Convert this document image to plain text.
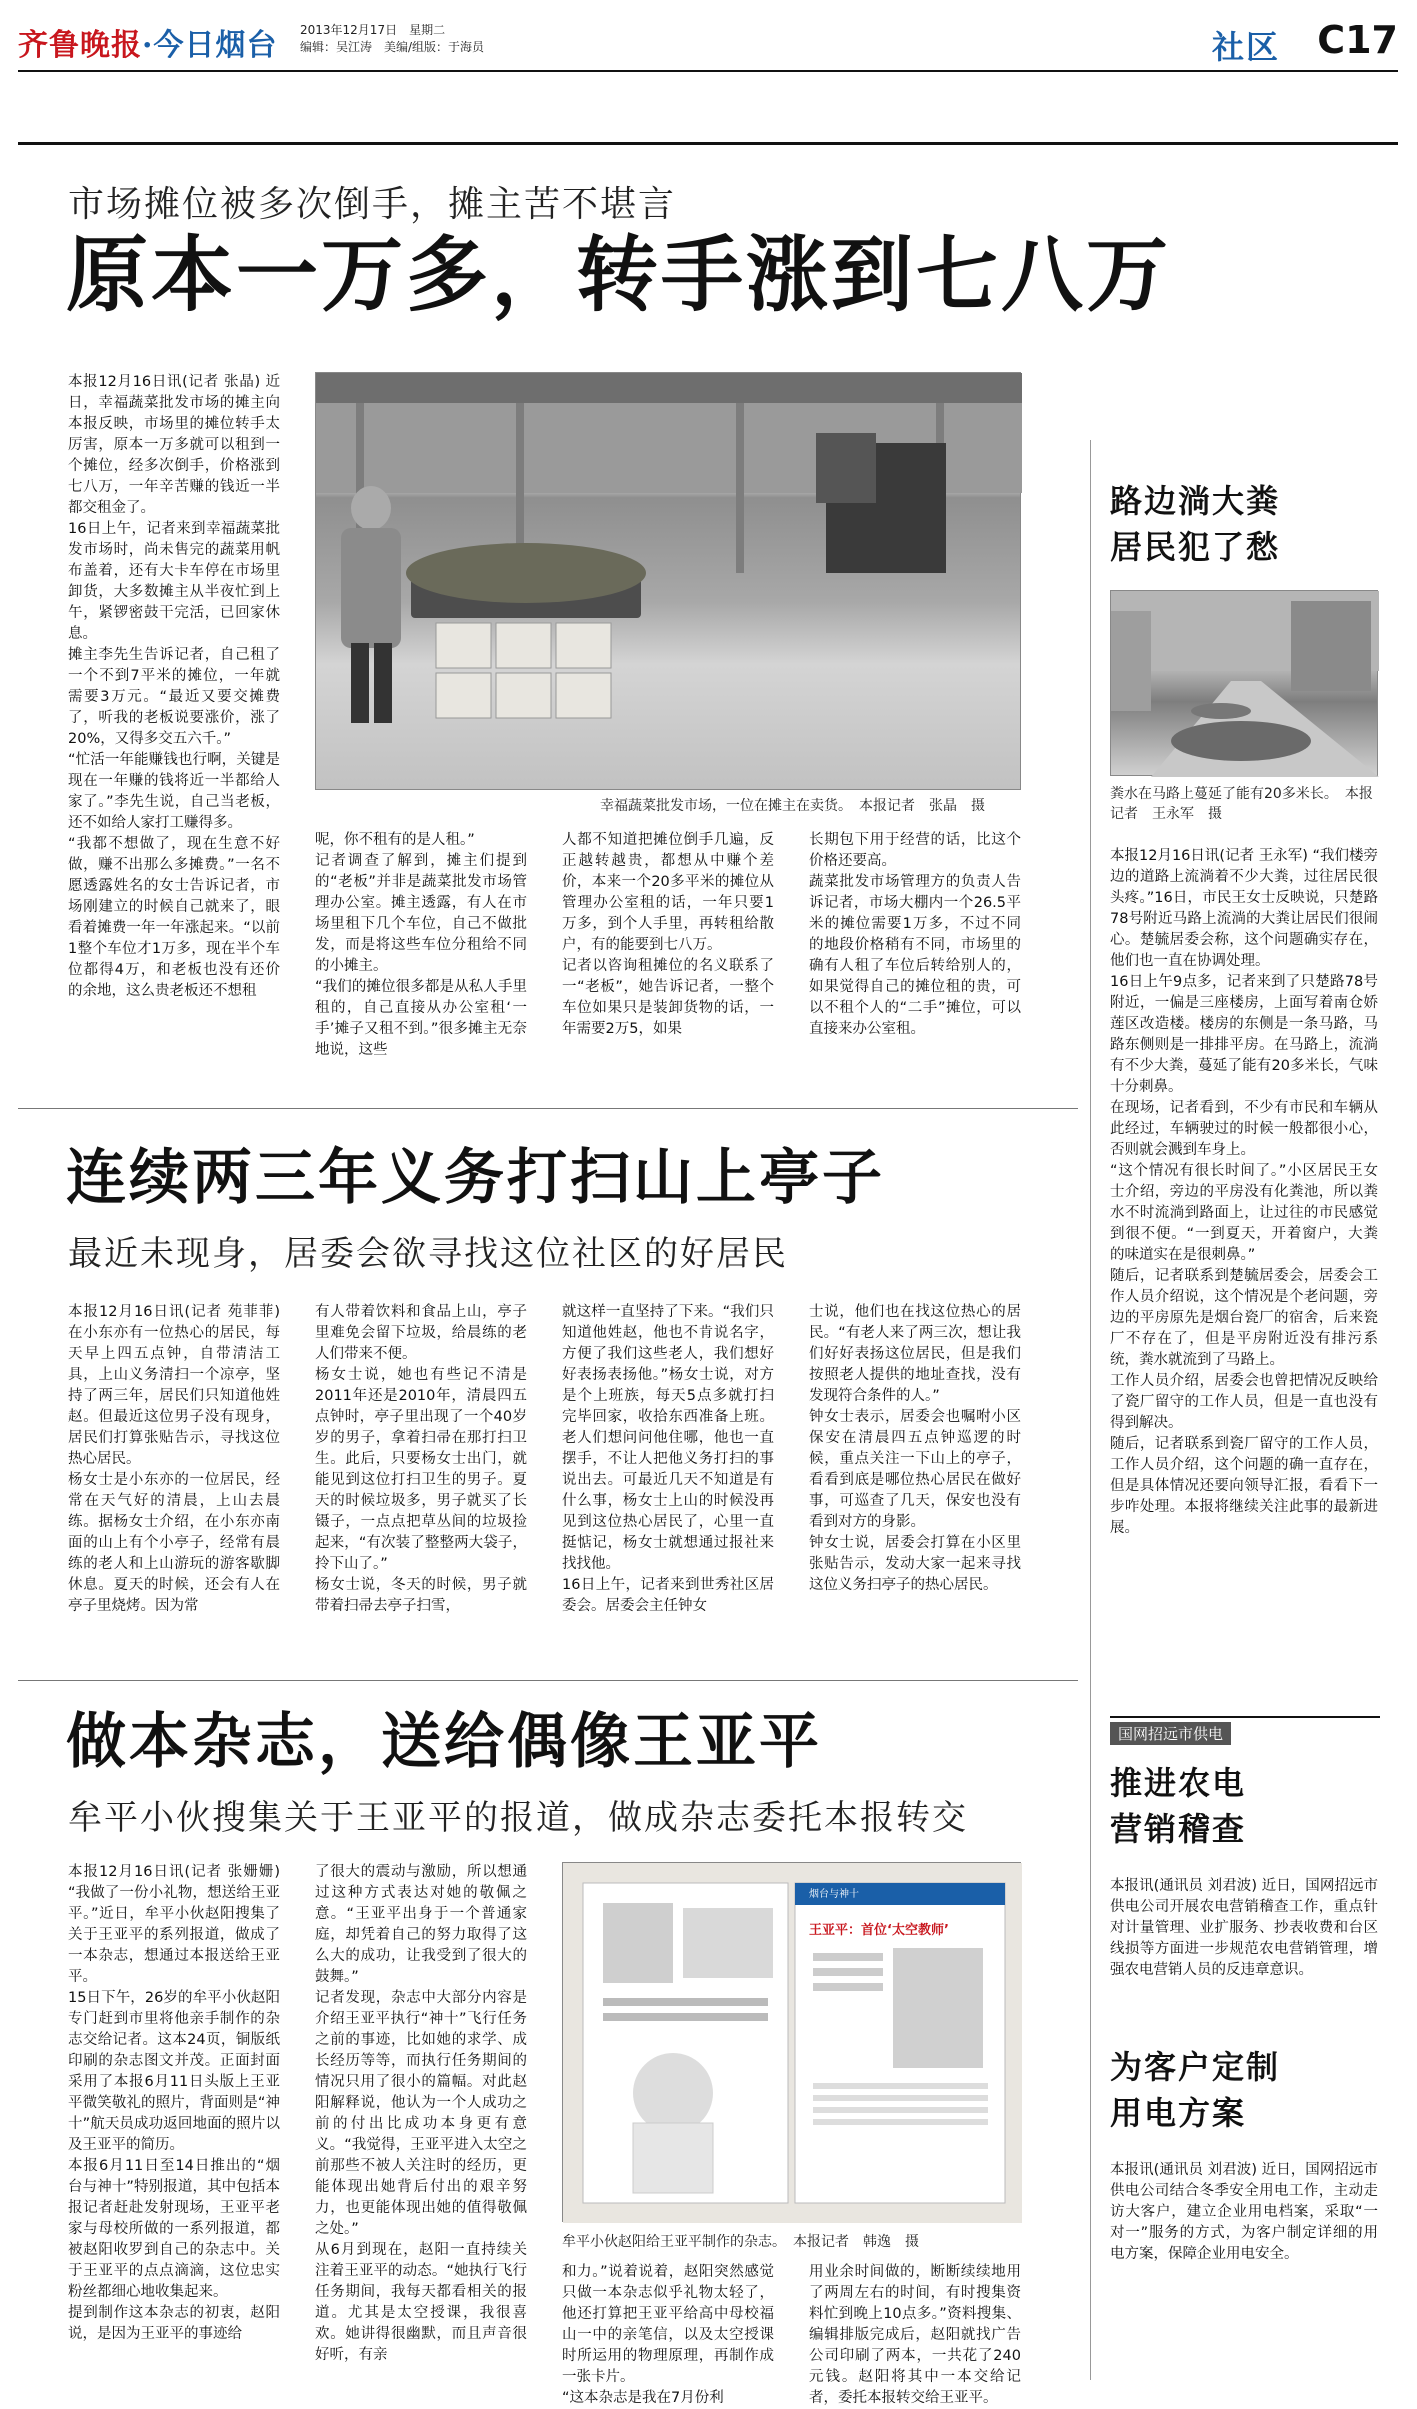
齐鲁晚报·今日烟台 2013年12月17日　星期二
编辑：吴江涛　美编/组版：于海员	社区 C17
市场摊位被多次倒手，摊主苦不堪言
原本一万多，转手涨到七八万

本报12月16日讯(记者 张晶) 近日，幸福蔬菜批发市场的摊主向本报反映，市场里的摊位转手太厉害，原本一万多就可以租到一个摊位，经多次倒手，价格涨到七八万，一年辛苦赚的钱近一半都交租金了。
16日上午，记者来到幸福蔬菜批发市场时，尚未售完的蔬菜用帆布盖着，还有大卡车停在市场里卸货，大多数摊主从半夜忙到上午，紧锣密鼓干完活，已回家休息。
摊主李先生告诉记者，自己租了一个不到7平米的摊位，一年就需要3万元。“最近又要交摊费了，听我的老板说要涨价，涨了20%，又得多交五六千。”
“忙活一年能赚钱也行啊，关键是现在一年赚的钱将近一半都给人家了。”李先生说，自己当老板，还不如给人家打工赚得多。
“我都不想做了，现在生意不好做，赚不出那么多摊费。”一名不愿透露姓名的女士告诉记者，市场刚建立的时候自己就来了，眼看着摊费一年一年涨起来。“以前1整个车位才1万多，现在半个车位都得4万，和老板也没有还价的余地，这么贵老板还不想租

幸福蔬菜批发市场，一位在摊主在卖货。　本报记者　张晶　摄

呢，你不租有的是人租。”
记者调查了解到，摊主们提到的“老板”并非是蔬菜批发市场管理办公室。摊主透露，有人在市场里租下几个车位，自己不做批发，而是将这些车位分租给不同的小摊主。
“我们的摊位很多都是从私人手里租的，自己直接从办公室租‘一手’摊子又租不到。”很多摊主无奈地说，这些

人都不知道把摊位倒手几遍，反正越转越贵，都想从中赚个差价，本来一个20多平米的摊位从管理办公室租的话，一年只要1万多，到个人手里，再转租给散户，有的能要到七八万。
记者以咨询租摊位的名义联系了一“老板”，她告诉记者，一整个车位如果只是装卸货物的话，一年需要2万5，如果

长期包下用于经营的话，比这个价格还要高。
蔬菜批发市场管理方的负责人告诉记者，市场大棚内一个26.5平米的摊位需要1万多，不过不同的地段价格稍有不同，市场里的确有人租了车位后转给别人的，如果觉得自己的摊位租的贵，可以不租个人的“二手”摊位，可以直接来办公室租。

连续两三年义务打扫山上亭子
最近未现身，居委会欲寻找这位社区的好居民

本报12月16日讯(记者 苑菲菲) 在小东亦有一位热心的居民，每天早上四五点钟，自带清洁工具，上山义务清扫一个凉亭，坚持了两三年，居民们只知道他姓赵。但最近这位男子没有现身，居民们打算张贴告示，寻找这位热心居民。
杨女士是小东亦的一位居民，经常在天气好的清晨，上山去晨练。据杨女士介绍，在小东亦南面的山上有个小亭子，经常有晨练的老人和上山游玩的游客歇脚休息。夏天的时候，还会有人在亭子里烧烤。因为常

有人带着饮料和食品上山，亭子里难免会留下垃圾，给晨练的老人们带来不便。
杨女士说，她也有些记不清是2011年还是2010年，清晨四五点钟时，亭子里出现了一个40岁岁的男子，拿着扫帚在那打扫卫生。此后，只要杨女士出门，就能见到这位打扫卫生的男子。夏天的时候垃圾多，男子就买了长镊子，一点点把草丛间的垃圾捡起来，“有次装了整整两大袋子，拎下山了。”
杨女士说，冬天的时候，男子就带着扫帚去亭子扫雪，

就这样一直坚持了下来。“我们只知道他姓赵，他也不肯说名字，方便了我们这些老人，我们想好好表扬表扬他。”杨女士说，对方是个上班族，每天5点多就打扫完毕回家，收拾东西准备上班。老人们想问问他住哪，他也一直摆手，不让人把他义务打扫的事说出去。可最近几天不知道是有什么事，杨女士上山的时候没再见到这位热心居民了，心里一直挺惦记，杨女士就想通过报社来找找他。
16日上午，记者来到世秀社区居委会。居委会主任钟女

士说，他们也在找这位热心的居民。“有老人来了两三次，想让我们好好表扬这位居民，但是我们按照老人提供的地址查找，没有发现符合条件的人。”
钟女士表示，居委会也嘱咐小区保安在清晨四五点钟巡逻的时候，重点关注一下山上的亭子，看看到底是哪位热心居民在做好事，可巡查了几天，保安也没有看到对方的身影。
钟女士说，居委会打算在小区里张贴告示，发动大家一起来寻找这位义务扫亭子的热心居民。

做本杂志，送给偶像王亚平
牟平小伙搜集关于王亚平的报道，做成杂志委托本报转交

本报12月16日讯(记者 张姗姗) “我做了一份小礼物，想送给王亚平。”近日，牟平小伙赵阳搜集了关于王亚平的系列报道，做成了一本杂志，想通过本报送给王亚平。
15日下午，26岁的牟平小伙赵阳专门赶到市里将他亲手制作的杂志交给记者。这本24页，铜版纸印刷的杂志图文并茂。正面封面采用了本报6月11日头版上王亚平微笑敬礼的照片，背面则是“神十”航天员成功返回地面的照片以及王亚平的简历。
本报6月11日至14日推出的“烟台与神十”特别报道，其中包括本报记者赶赴发射现场，王亚平老家与母校所做的一系列报道，都被赵阳收罗到自己的杂志中。关于王亚平的点点滴滴，这位忠实粉丝都细心地收集起来。
提到制作这本杂志的初衷，赵阳说，是因为王亚平的事迹给

了很大的震动与激励，所以想通过这种方式表达对她的敬佩之意。“王亚平出身于一个普通家庭，却凭着自己的努力取得了这么大的成功，让我受到了很大的鼓舞。”
记者发现，杂志中大部分内容是介绍王亚平执行“神十”飞行任务之前的事迹，比如她的求学、成长经历等等，而执行任务期间的情况只用了很小的篇幅。对此赵阳解释说，他认为一个人成功之前的付出比成功本身更有意义。“我觉得，王亚平进入太空之前那些不被人关注时的经历，更能体现出她背后付出的艰辛努力，也更能体现出她的值得敬佩之处。”
从6月到现在，赵阳一直持续关注着王亚平的动态。“她执行飞行任务期间，我每天都看相关的报道。尤其是太空授课，我很喜欢。她讲得很幽默，而且声音很好听，有亲

烟台与神十
王亚平：首位‘太空教师’
牟平小伙赵阳给王亚平制作的杂志。　本报记者　韩逸　摄

和力。”说着说着，赵阳突然感觉只做一本杂志似乎礼物太轻了，他还打算把王亚平给高中母校福山一中的亲笔信，以及太空授课时所运用的物理原理，再制作成一张卡片。
“这本杂志是我在7月份利

用业余时间做的，断断续续地用了两周左右的时间，有时搜集资料忙到晚上10点多。”资料搜集、编辑排版完成后，赵阳就找广告公司印刷了两本，一共花了240元钱。赵阳将其中一本交给记者，委托本报转交给王亚平。

路边淌大粪
居民犯了愁
粪水在马路上蔓延了能有20多米长。　本报记者　王永军　摄

本报12月16日讯(记者 王永军) “我们楼旁边的道路上流淌着不少大粪，过往居民很头疼。”16日，市民王女士反映说，只楚路78号附近马路上流淌的大粪让居民们很闹心。楚毓居委会称，这个问题确实存在，他们也一直在协调处理。
16日上午9点多，记者来到了只楚路78号附近，一偏是三座楼房，上面写着南仓娇莲区改造楼。楼房的东侧是一条马路，马路东侧则是一排排平房。在马路上，流淌有不少大粪，蔓延了能有20多米长，气味十分刺鼻。
在现场，记者看到，不少有市民和车辆从此经过，车辆驶过的时候一般都很小心，否则就会溅到车身上。
“这个情况有很长时间了。”小区居民王女士介绍，旁边的平房没有化粪池，所以粪水不时流淌到路面上，让过往的市民感觉到很不便。“一到夏天，开着窗户，大粪的味道实在是很刺鼻。”
随后，记者联系到楚毓居委会，居委会工作人员介绍说，这个情况是个老问题，旁边的平房原先是烟台瓷厂的宿舍，后来瓷厂不存在了，但是平房附近没有排污系统，粪水就流到了马路上。
工作人员介绍，居委会也曾把情况反映给了瓷厂留守的工作人员，但是一直也没有得到解决。
随后，记者联系到瓷厂留守的工作人员，工作人员介绍，这个问题的确一直存在，但是具体情况还要向领导汇报，看看下一步咋处理。本报将继续关注此事的最新进展。

国网招远市供电
推进农电
营销稽查

本报讯(通讯员 刘君波) 近日，国网招远市供电公司开展农电营销稽查工作，重点针对计量管理、业扩服务、抄表收费和台区线损等方面进一步规范农电营销管理，增强农电营销人员的反违章意识。

为客户定制
用电方案

本报讯(通讯员 刘君波) 近日，国网招远市供电公司结合冬季安全用电工作，主动走访大客户，建立企业用电档案，采取“一对一”服务的方式，为客户制定详细的用电方案，保障企业用电安全。
